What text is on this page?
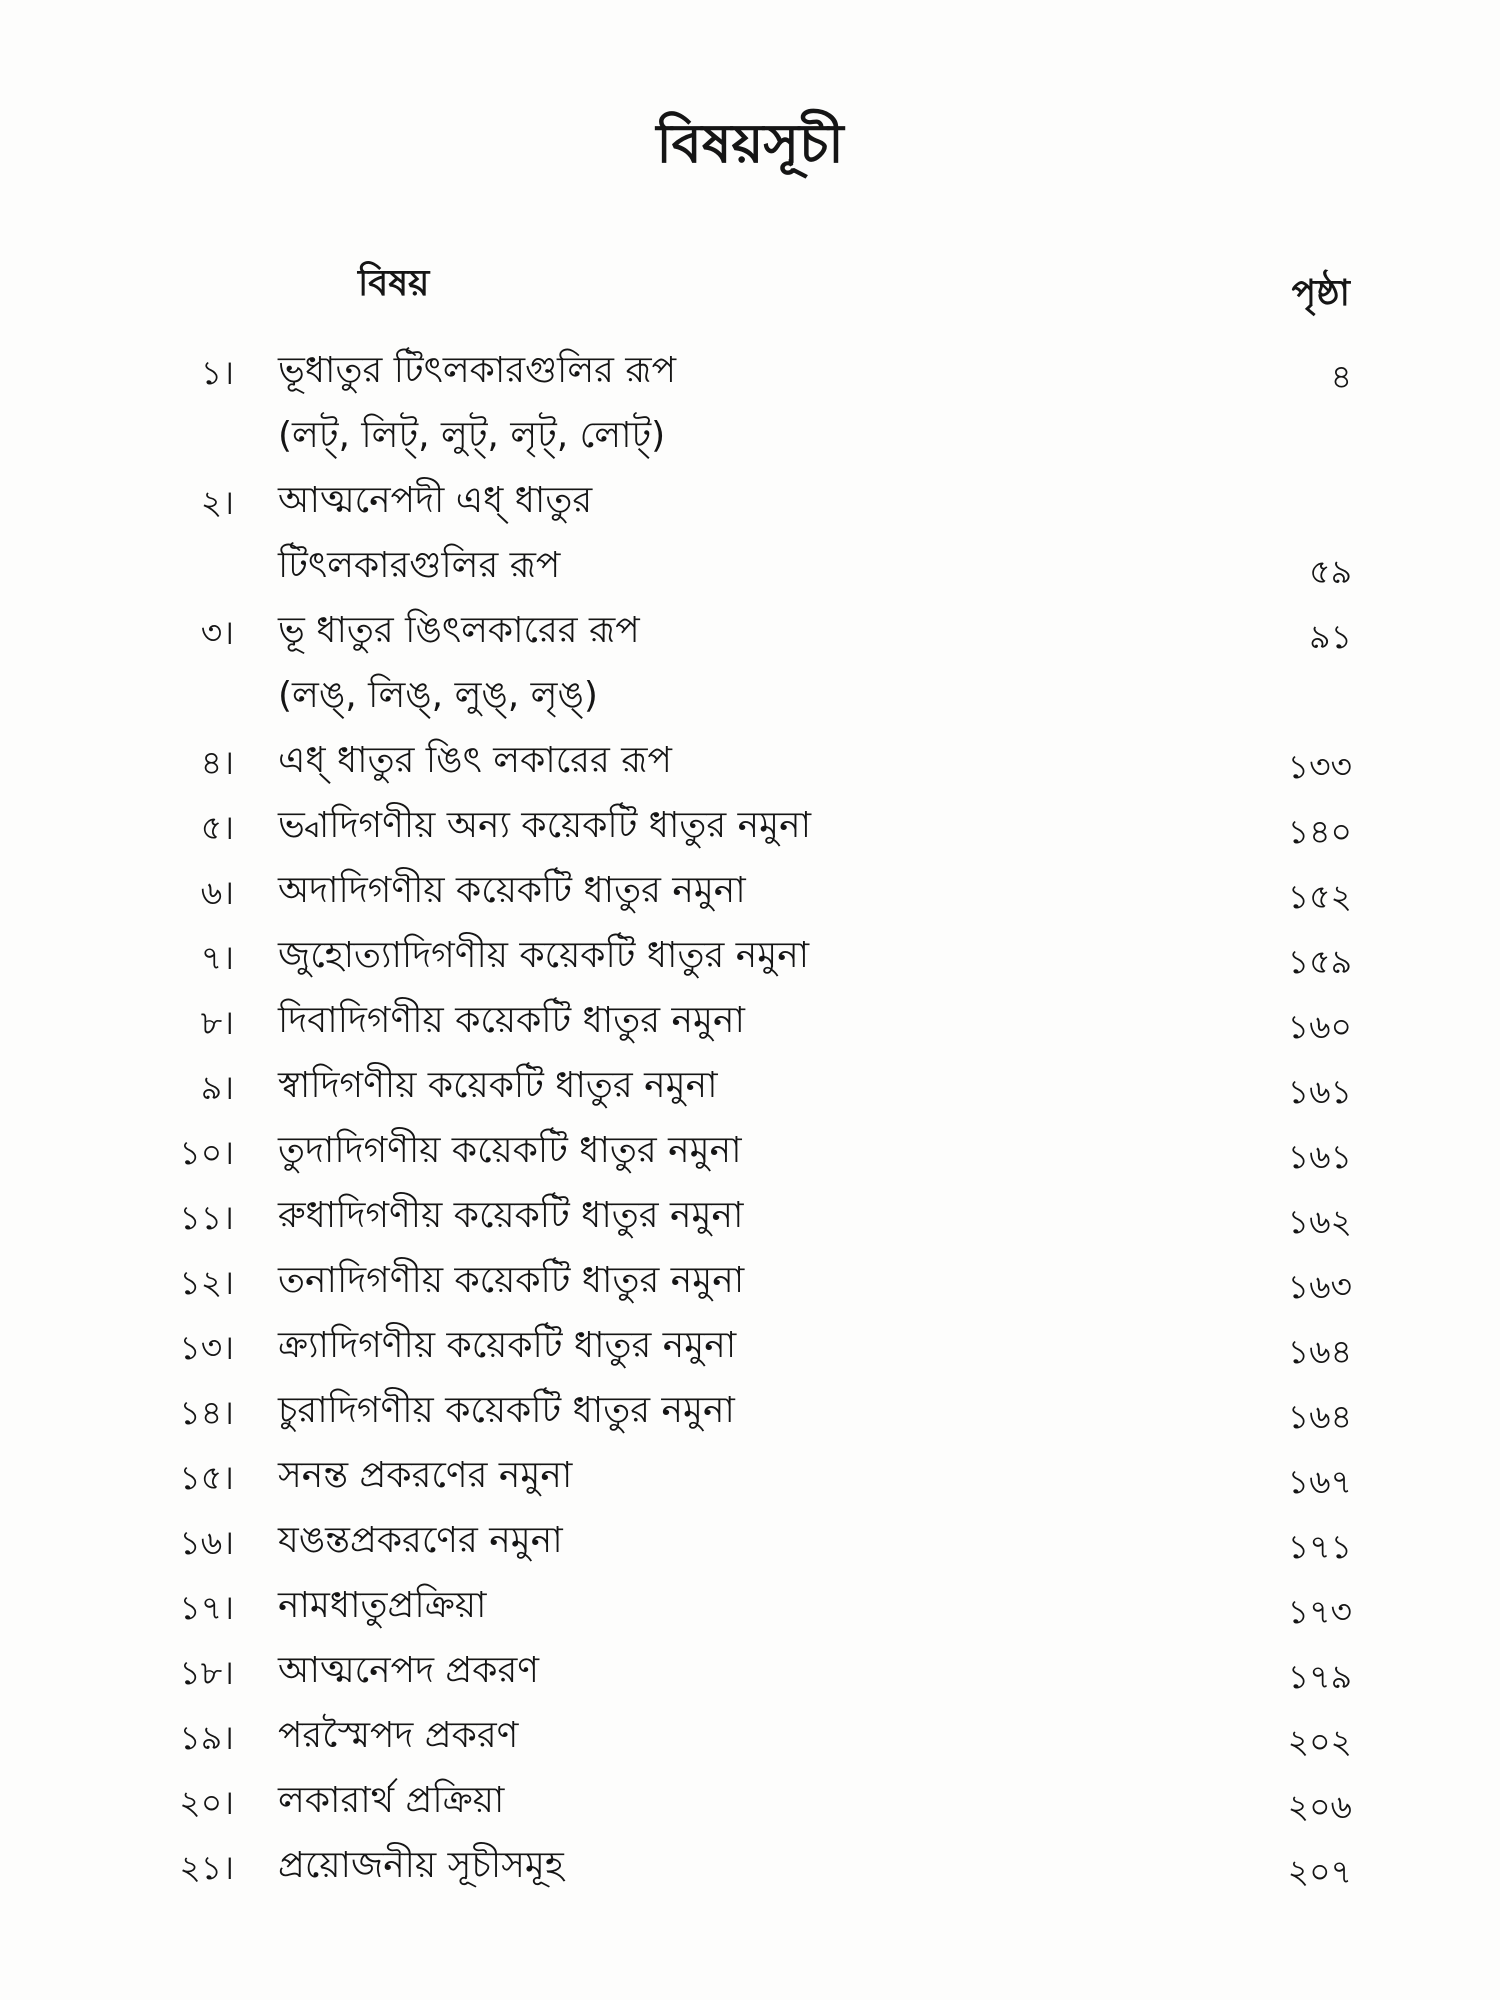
বিষয়সূচী
বিষয়	পৃষ্ঠা
১। ভূধাতুর টিৎলকারগুলির রূপ	৪
(লট্, লিট্, লুট্, লৃট্, লোট্)
২। আত্মনেপদী এধ্ ধাতুর
টিৎলকারগুলির রূপ	৫৯
৩। ভূ ধাতুর ঙিৎলকারের রূপ	৯১
(লঙ্, লিঙ্, লুঙ্, লৃঙ্)
৪। এধ্ ধাতুর ঙিৎ লকারের রূপ	১৩৩
৫। ভ্বাদিগণীয় অন্য কয়েকটি ধাতুর নমুনা	১৪০
৬। অদাদিগণীয় কয়েকটি ধাতুর নমুনা	১৫২
৭। জুহোত্যাদিগণীয় কয়েকটি ধাতুর নমুনা	১৫৯
৮। দিবাদিগণীয় কয়েকটি ধাতুর নমুনা	১৬০
৯। স্বাদিগণীয় কয়েকটি ধাতুর নমুনা	১৬১
১০। তুদাদিগণীয় কয়েকটি ধাতুর নমুনা	১৬১
১১। রুধাদিগণীয় কয়েকটি ধাতুর নমুনা	১৬২
১২। তনাদিগণীয় কয়েকটি ধাতুর নমুনা	১৬৩
১৩। ক্র্যাদিগণীয় কয়েকটি ধাতুর নমুনা	১৬৪
১৪। চুরাদিগণীয় কয়েকটি ধাতুর নমুনা	১৬৪
১৫। সনন্ত প্রকরণের নমুনা	১৬৭
১৬। যঙন্তপ্রকরণের নমুনা	১৭১
১৭। নামধাতুপ্রক্রিয়া	১৭৩
১৮। আত্মনেপদ প্রকরণ	১৭৯
১৯। পরস্মৈপদ প্রকরণ	২০২
২০। লকারার্থ প্রক্রিয়া	২০৬
২১। প্রয়োজনীয় সূচীসমূহ	২০৭
